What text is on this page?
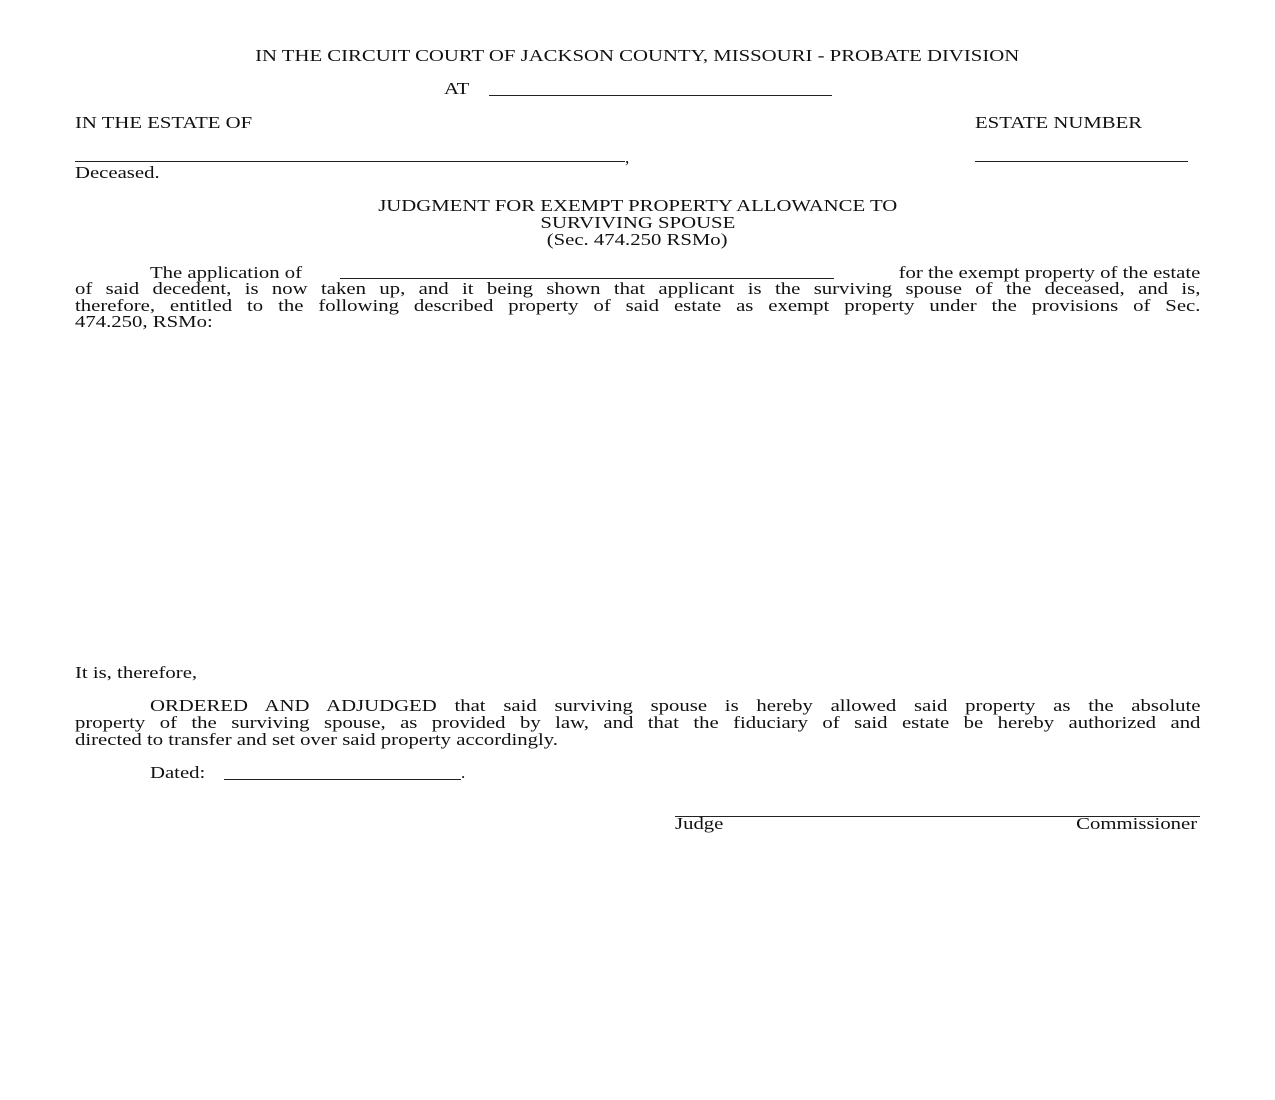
IN THE CIRCUIT COURT OF JACKSON COUNTY, MISSOURI - PROBATE DIVISION
AT
IN THE ESTATE OF	ESTATE NUMBER
,
Deceased.
JUDGMENT FOR EXEMPT PROPERTY ALLOWANCE TO
SURVIVING SPOUSE
(Sec. 474.250 RSMo)
The application of	for the exempt property of the estate
of said decedent, is now taken up, and it being shown that applicant is the surviving spouse of the deceased, and is,
therefore, entitled to the following described property of said estate as exempt property under the provisions of Sec.
474.250, RSMo:
It is, therefore,
ORDERED AND ADJUDGED that said surviving spouse is hereby allowed said property as the absolute
property of the surviving spouse, as provided by law, and that the fiduciary of said estate be hereby authorized and
directed to transfer and set over said property accordingly.
Dated:	.
Judge	Commissioner
